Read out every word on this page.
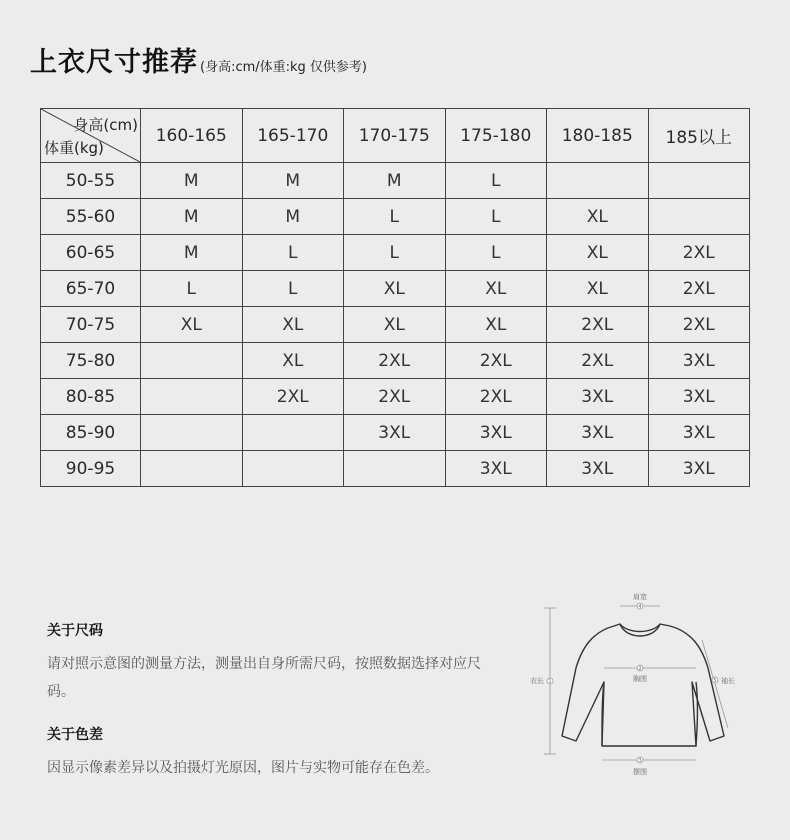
上衣尺寸推荐 (身高:cm/体重:kg 仅供参考)
身高(cm)
体重(kg)	160-165	165-170	170-175	175-180	180-185	185以上
50-55	M	M	M	L		
55-60	M	M	L	L	XL	
60-65	M	L	L	L	XL	2XL
65-70	L	L	XL	XL	XL	2XL
70-75	XL	XL	XL	XL	2XL	2XL
75-80		XL	2XL	2XL	2XL	3XL
80-85		2XL	2XL	2XL	3XL	3XL
85-90			3XL	3XL	3XL	3XL
90-95				3XL	3XL	3XL
关于尺码

请对照示意图的测量方法，测量出自身所需尺码，按照数据选择对应尺码。

关于色差

因显示像素差异以及拍摄灯光原因，图片与实物可能存在色差。

肩宽
4
胸围
2
衣长 1	袖长
5
摆围
3
